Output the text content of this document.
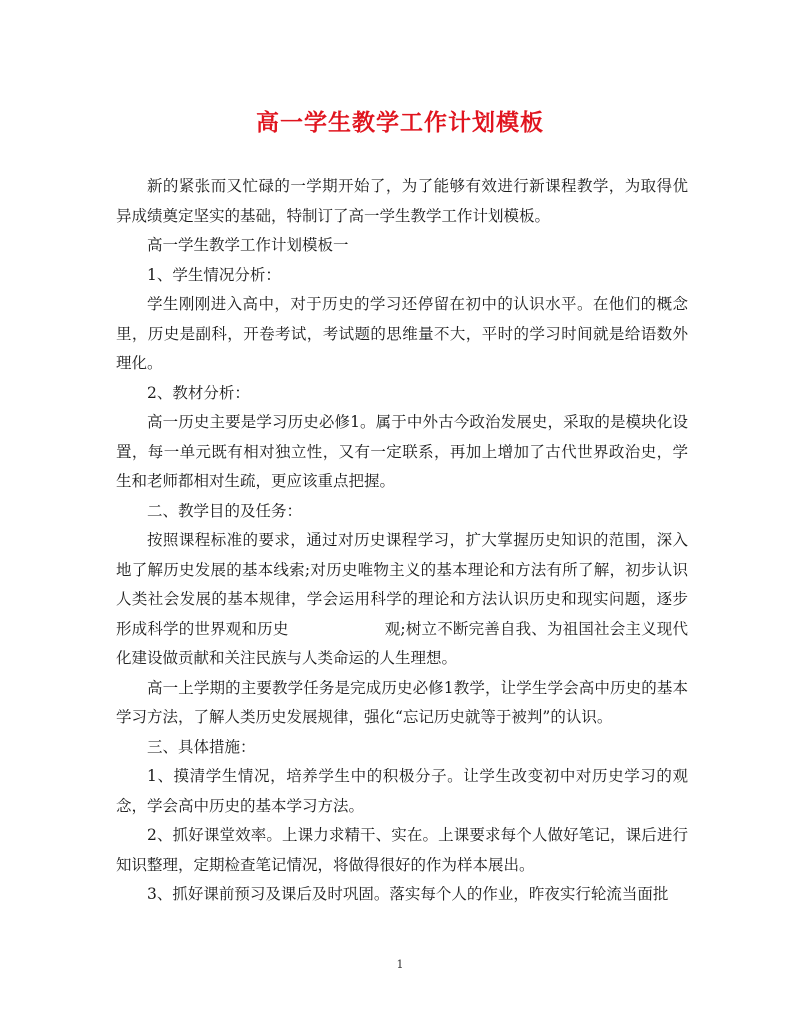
高一学生教学工作计划模板

新的紧张而又忙碌的一学期开始了，为了能够有效进行新课程教学，为取得优异成绩奠定坚实的基础，特制订了高一学生教学工作计划模板。

高一学生教学工作计划模板一

1、学生情况分析：

学生刚刚进入高中，对于历史的学习还停留在初中的认识水平。在他们的概念里，历史是副科，开卷考试，考试题的思维量不大，平时的学习时间就是给语数外理化。

2、教材分析：

高一历史主要是学习历史必修1。属于中外古今政治发展史，采取的是模块化设置，每一单元既有相对独立性，又有一定联系，再加上增加了古代世界政治史，学生和老师都相对生疏，更应该重点把握。

二、教学目的及任务：

按照课程标准的要求，通过对历史课程学习，扩大掌握历史知识的范围，深入地了解历史发展的基本线索;对历史唯物主义的基本理论和方法有所了解，初步认识人类社会发展的基本规律，学会运用科学的理论和方法认识历史和现实问题，逐步形成科学的世界观和历史	观;树立不断完善自我、为祖国社会主义现代化建设做贡献和关注民族与人类命运的人生理想。

高一上学期的主要教学任务是完成历史必修1教学，让学生学会高中历史的基本学习方法，了解人类历史发展规律，强化“忘记历史就等于被判”的认识。

三、具体措施：

1、摸清学生情况，培养学生中的积极分子。让学生改变初中对历史学习的观念，学会高中历史的基本学习方法。

2、抓好课堂效率。上课力求精干、实在。上课要求每个人做好笔记，课后进行知识整理，定期检查笔记情况，将做得很好的作为样本展出。

3、抓好课前预习及课后及时巩固。落实每个人的作业，昨夜实行轮流当面批

1
